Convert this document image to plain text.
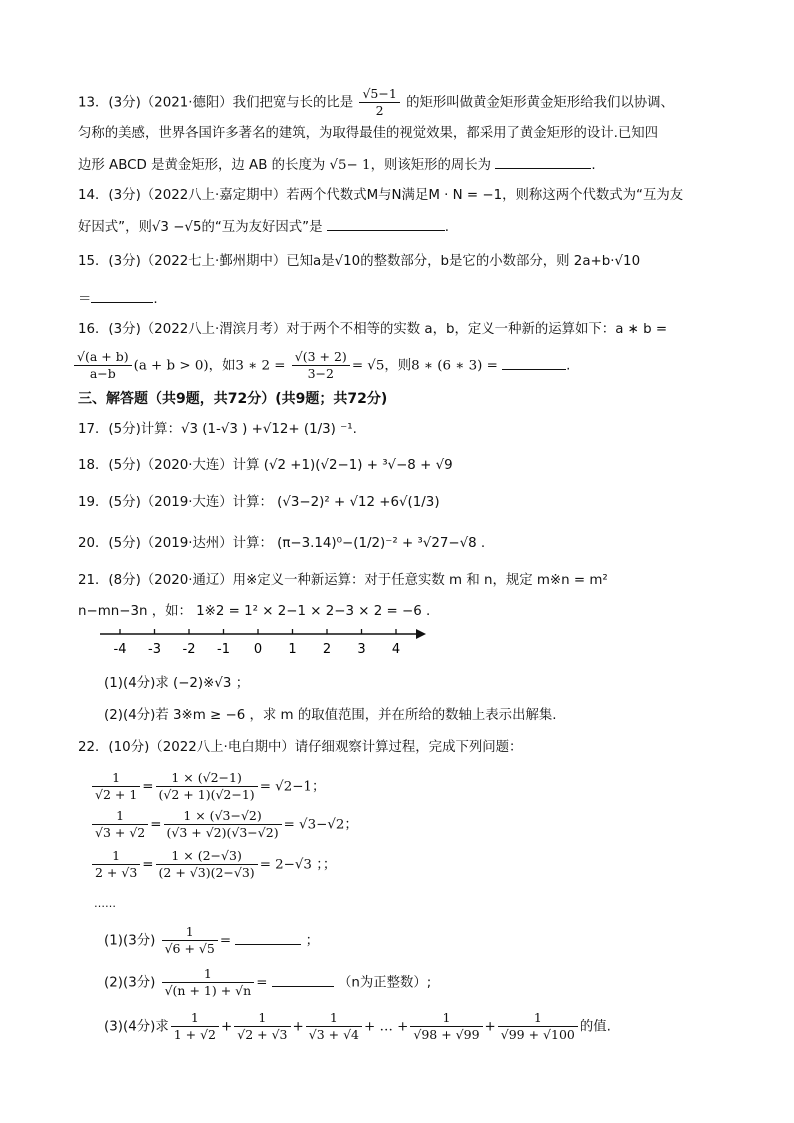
13．(3分)（2021·德阳）我们把宽与长的比是 $\frac{√5-1}{2}$ 的矩形叫做黄金矩形黄金矩形给我们以协调、
匀称的美感，世界各国许多著名的建筑，为取得最佳的视觉效果，都采用了黄金矩形的设计.已知四
边形 ABCD 是黄金矩形，边 AB 的长度为 √5− 1，则该矩形的周长为	.
14．(3分)（2022八上·嘉定期中）若两个代数式M与N满足M · N = −1，则称这两个代数式为“互为友
好因式”，则√3 −√5的“互为友好因式”是	.
15．(3分)（2022七上·鄞州期中）已知a是√10的整数部分，b是它的小数部分，则 2a+b·√10
＝	.
16．(3分)（2022八上·渭滨月考）对于两个不相等的实数 a，b，定义一种新的运算如下：a ∗ b =
$\frac{√(a + b)}{a-b} (a + b > 0)$，如3 ∗ $2 = \frac{√(3 + 2)}{3-2} = √5$，则8 ∗ (6 ∗ 3) =	.
三、解答题（共9题，共72分）(共9题；共72分)
17．(5分)计算：√3 (1-√3 ) +√12+ (1/3) ⁻¹.
18．(5分)（2020·大连）计算 (√2 +1)(√2−1) + ³√−8 + √9
19．(5分)（2019·大连）计算： (√3−2)² + √12 +6√(1/3)
20．(5分)（2019·达州）计算： (π−3.14)⁰−(1/2)⁻² + ³√27−√8 .
21．(8分)（2020·通辽）用※定义一种新运算：对于任意实数 m 和 n，规定 m※n = m²
n−mn−3n ，如： 1※2 = 1² × 2−1 × 2−3 × 2 = −6 .
-4 -3 -2 -1 0 1 2 3 4
(1)(4分)求 (−2)※√3 ；
(2)(4分)若 3※m ≥ −6 ，求 m 的取值范围，并在所给的数轴上表示出解集.
22．(10分)（2022八上·电白期中）请仔细观察计算过程，完成下列问题：
$\frac{1}{√2 + 1} = \frac{1 \times (√2-1)}{(√2 + 1)(√2-1)} = √2-1$；
$\frac{1}{√3 + √2} = \frac{1 \times (√3-√2)}{(√3 + √2)(√3-√2)} = √3-√2$；
$\frac{1}{2 + √3} = \frac{1 \times (2-√3)}{(2 + √3)(2-√3)} = 2-√3$ ；；
……
(1)(3分) $\frac{1}{√6 + √5}$ =	；
(2)(3分) $\frac{1}{√(n + 1) + √n}$ =	（n为正整数）;
(3)(4分)求 $\frac{1}{1 + √2} + \frac{1}{√2 + √3} + \frac{1}{√3 + √4}$ + … + $\frac{1}{√98 + √99} + \frac{1}{√99 + √100}$ 的值.
